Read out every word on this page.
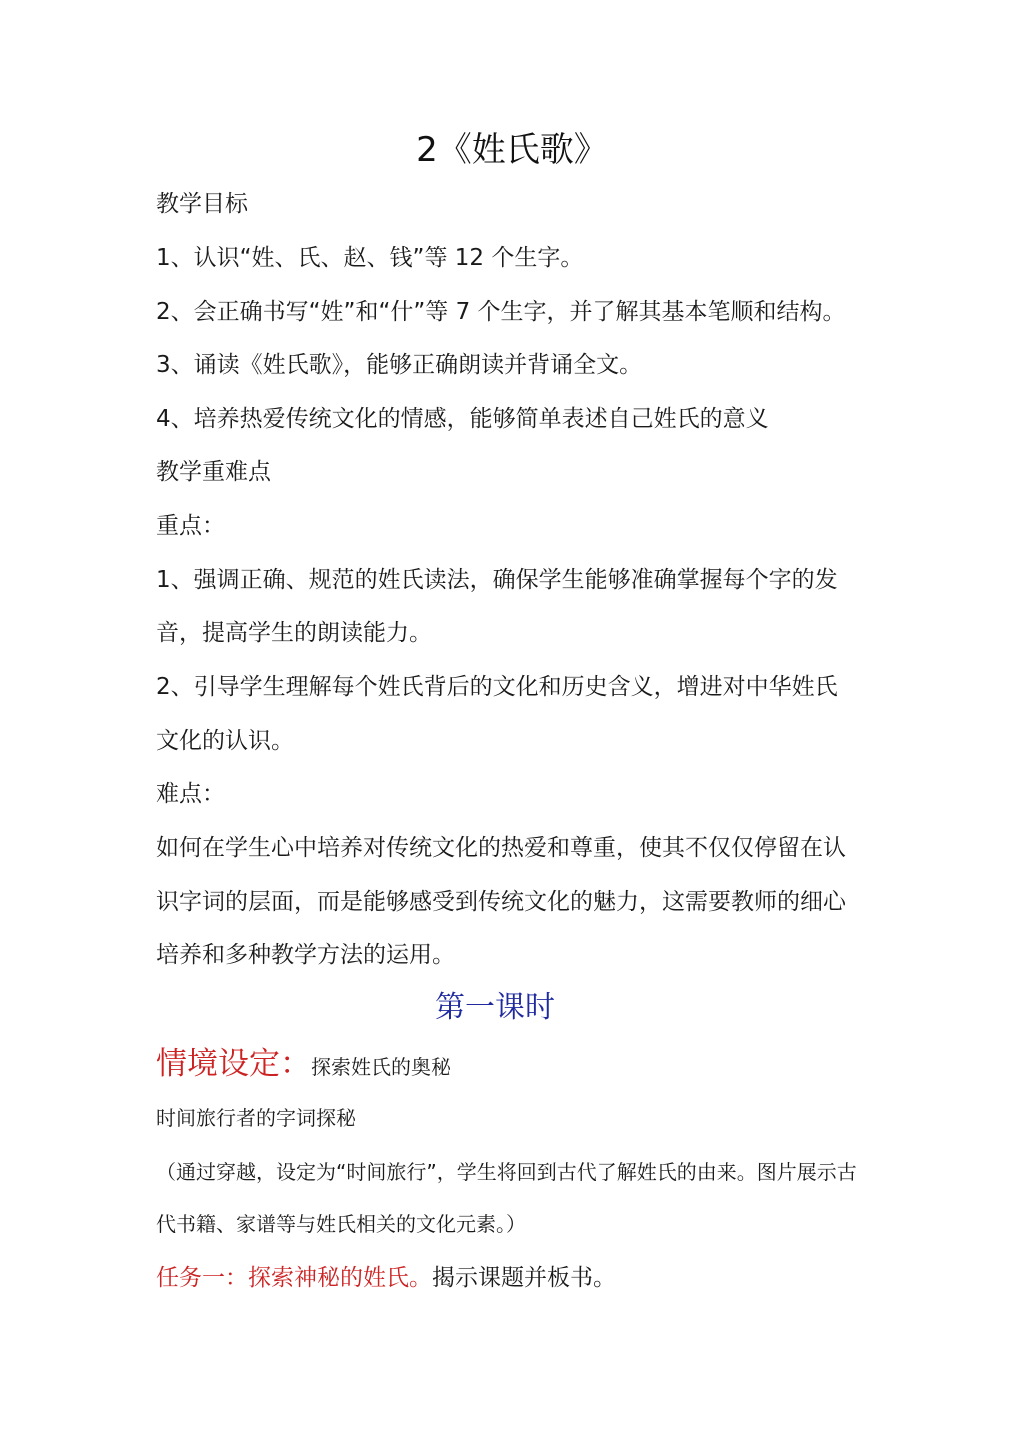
2《姓氏歌》
教学目标
1、认识“姓、氏、赵、钱”等 12 个生字。
2、会正确书写“姓”和“什”等 7 个生字，并了解其基本笔顺和结构。
3、诵读《姓氏歌》，能够正确朗读并背诵全文。
4、培养热爱传统文化的情感，能够简单表述自己姓氏的意义
教学重难点
重点：
1、强调正确、规范的姓氏读法，确保学生能够准确掌握每个字的发
音，提高学生的朗读能力。
2、引导学生理解每个姓氏背后的文化和历史含义，增进对中华姓氏
文化的认识。
难点：
如何在学生心中培养对传统文化的热爱和尊重，使其不仅仅停留在认
识字词的层面，而是能够感受到传统文化的魅力，这需要教师的细心
培养和多种教学方法的运用。
第一课时
情境设定：探索姓氏的奥秘
时间旅行者的字词探秘
（通过穿越，设定为“时间旅行”，学生将回到古代了解姓氏的由来。图片展示古
代书籍、家谱等与姓氏相关的文化元素。）
任务一：探索神秘的姓氏。揭示课题并板书。
